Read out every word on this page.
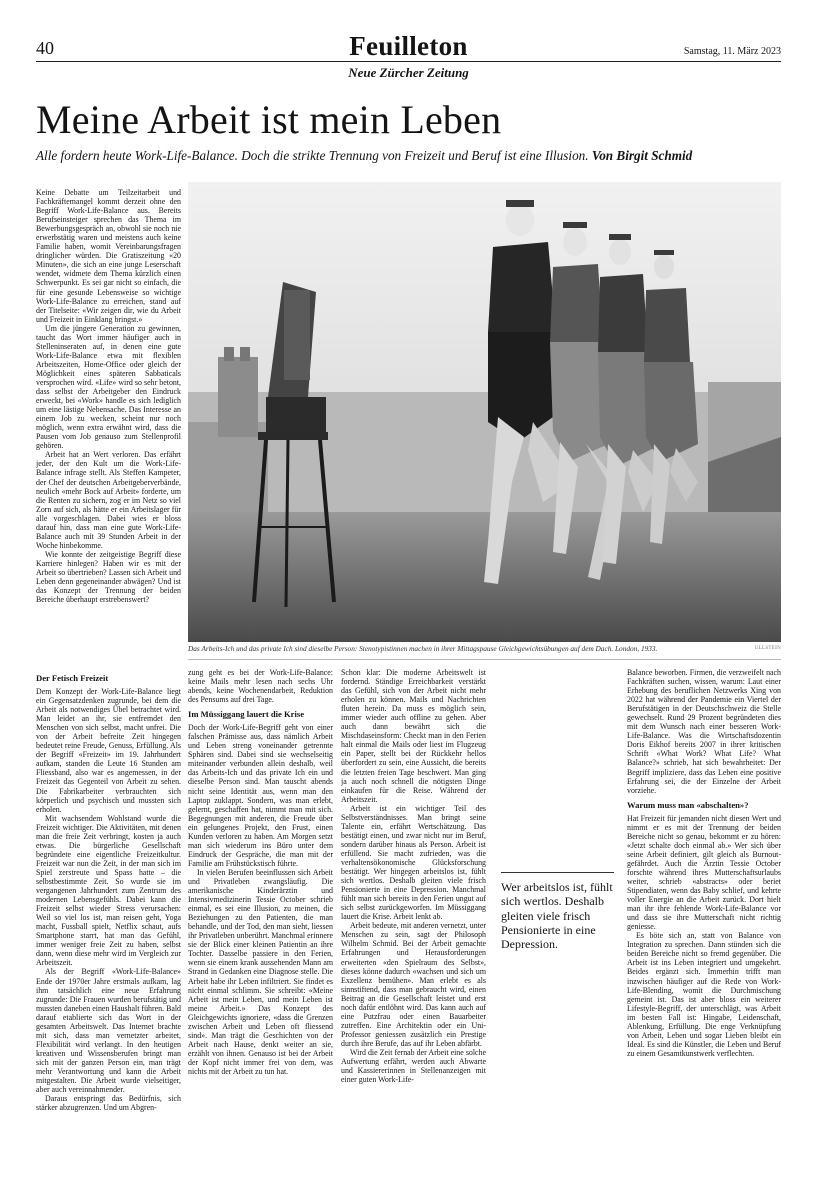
40	Feuilleton
Neue Zürcher Zeitung
Samstag, 11. März 2023
Meine Arbeit ist mein Leben
Alle fordern heute Work-Life-Balance. Doch die strikte Trennung von Freizeit und Beruf ist eine Illusion. Von Birgit Schmid

Keine Debatte um Teilzeitarbeit und Fachkräftemangel kommt derzeit ohne den Begriff Work-Life-Balance aus. Bereits Berufseinsteiger sprechen das Thema im Bewerbungsgespräch an, obwohl sie noch nie erwerbstätig waren und meistens auch keine Familie haben, womit Vereinbarungsfragen dringlicher würden. Die Gratiszeitung «20 Minuten», die sich an eine junge Leserschaft wendet, widmete dem Thema kürzlich einen Schwerpunkt. Es sei gar nicht so einfach, die für eine gesunde Lebensweise so wichtige Work-Life-Balance zu erreichen, stand auf der Titelseite: «Wir zeigen dir, wie du Arbeit und Freizeit in Einklang bringst.»

Um die jüngere Generation zu gewinnen, taucht das Wort immer häufiger auch in Stelleninseraten auf, in denen eine gute Work-Life-Balance etwa mit flexiblen Arbeitszeiten, Home-Office oder gleich der Möglichkeit eines späteren Sabbaticals versprochen wird. «Life» wird so sehr betont, dass selbst der Arbeitgeber den Eindruck erweckt, bei «Work» handle es sich lediglich um eine lästige Nebensache. Das Interesse an einem Job zu wecken, scheint nur noch möglich, wenn extra erwähnt wird, dass die Pausen vom Job genauso zum Stellenprofil gehören.

Arbeit hat an Wert verloren. Das erfährt jeder, der den Kult um die Work-Life-Balance infrage stellt. Als Steffen Kampeter, der Chef der deutschen Arbeitgeberverbände, neulich «mehr Bock auf Arbeit» forderte, um die Renten zu sichern, zog er im Netz so viel Zorn auf sich, als hätte er ein Arbeitslager für alle vorgeschlagen. Dabei wies er bloss darauf hin, dass man eine gute Work-Life-Balance auch mit 39 Stunden Arbeit in der Woche hinbekomme.

Wie konnte der zeitgeistige Begriff diese Karriere hinlegen? Haben wir es mit der Arbeit so übertrieben? Lassen sich Arbeit und Leben denn gegeneinander abwägen? Und ist das Konzept der Trennung der beiden Bereiche überhaupt erstrebenswert?

Der Fetisch Freizeit

Dem Konzept der Work-Life-Balance liegt ein Gegensatzdenken zugrunde, bei dem die Arbeit als notwendiges Übel betrachtet wird. Man leidet an ihr, sie entfremdet den Menschen von sich selbst, macht unfrei. Die von der Arbeit befreite Zeit hingegen bedeutet reine Freude, Genuss, Erfüllung. Als der Begriff «Freizeit» im 19. Jahrhundert aufkam, standen die Leute 16 Stunden am Fliessband, also war es angemessen, in der Freizeit das Gegenteil von Arbeit zu sehen. Die Fabrikarbeiter verbrauchten sich körperlich und psychisch und mussten sich erholen.

Mit wachsendem Wohlstand wurde die Freizeit wichtiger. Die Aktivitäten, mit denen man die freie Zeit verbringt, kosten ja auch etwas. Die bürgerliche Gesellschaft begründete eine eigentliche Freizeitkultur. Freizeit war nun die Zeit, in der man sich im Spiel zerstreute und Spass hatte – die selbstbestimmte Zeit. So wurde sie im vergangenen Jahrhundert zum Zentrum des modernen Lebensgefühls. Dabei kann die Freizeit selbst wieder Stress verursachen: Weil so viel los ist, man reisen geht, Yoga macht, Fussball spielt, Netflix schaut, aufs Smartphone starrt, hat man das Gefühl, immer weniger freie Zeit zu haben, selbst dann, wenn diese mehr wird im Vergleich zur Arbeitszeit.

Als der Begriff «Work-Life-Balance» Ende der 1970er Jahre erstmals aufkam, lag ihm tatsächlich eine neue Erfahrung zugrunde: Die Frauen wurden berufstätig und mussten daneben einen Haushalt führen. Bald darauf etablierte sich das Wort in der gesamten Arbeitswelt. Das Internet brachte mit sich, dass man vernetzter arbeitet, Flexibilität wird verlangt. In den heutigen kreativen und Wissensberufen bringt man sich mit der ganzen Person ein, man trägt mehr Verantwortung und kann die Arbeit mitgestalten. Die Arbeit wurde vielseitiger, aber auch vereinnahmender.

Daraus entspringt das Bedürfnis, sich stärker abzugrenzen. Und um Abgren-

Das Arbeits-Ich und das private Ich sind dieselbe Person: Stenotypistinnen machen in ihrer Mittagspause Gleichgewichtsübungen auf dem Dach. London, 1933.	ULLSTEIN

zung geht es bei der Work-Life-Balance: keine Mails mehr lesen nach sechs Uhr abends, keine Wochenendarbeit, Reduktion des Pensums auf drei Tage.

Im Müssiggang lauert die Krise

Doch der Work-Life-Begriff geht von einer falschen Prämisse aus, dass nämlich Arbeit und Leben streng voneinander getrennte Sphären sind. Dabei sind sie wechselseitig miteinander verbunden allein deshalb, weil das Arbeits-Ich und das private Ich ein und dieselbe Person sind. Man tauscht abends nicht seine Identität aus, wenn man den Laptop zuklappt. Sondern, was man erlebt, gelernt, geschaffen hat, nimmt man mit sich. Begegnungen mit anderen, die Freude über ein gelungenes Projekt, den Frust, einen Kunden verloren zu haben. Am Morgen setzt man sich wiederum ins Büro unter dem Eindruck der Gespräche, die man mit der Familie am Frühstückstisch führte.

In vielen Berufen beeinflussen sich Arbeit und Privatleben zwangsläufig. Die amerikanische Kinderärztin und Intensivmedizinerin Tessie October schrieb einmal, es sei eine Illusion, zu meinen, die Beziehungen zu den Patienten, die man behandle, und der Tod, den man sieht, liessen ihr Privatleben unberührt. Manchmal erinnere sie der Blick einer kleinen Patientin an ihre Tochter. Dasselbe passiere in den Ferien, wenn sie einem krank aussehenden Mann am Strand in Gedanken eine Diagnose stelle. Die Arbeit habe ihr Leben infiltriert. Sie findet es nicht einmal schlimm. Sie schreibt: «Meine Arbeit ist mein Leben, und mein Leben ist meine Arbeit.» Das Konzept des Gleichgewichts ignoriere, «dass die Grenzen zwischen Arbeit und Leben oft fliessend sind». Man trägt die Geschichten von der Arbeit nach Hause, denkt weiter an sie, erzählt von ihnen. Genauso ist bei der Arbeit der Kopf nicht immer frei von dem, was nichts mit der Arbeit zu tun hat.

Schon klar: Die moderne Arbeitswelt ist fordernd. Ständige Erreichbarkeit verstärkt das Gefühl, sich von der Arbeit nicht mehr erholen zu können. Mails und Nachrichten fluten herein. Da muss es möglich sein, immer wieder auch offline zu gehen. Aber auch dann bewährt sich die Mischdaseinsform: Checkt man in den Ferien halt einmal die Mails oder liest im Flugzeug ein Paper, stellt bei der Rückkehr hellos überfordert zu sein, eine Aussicht, die bereits die letzten freien Tage beschwert. Man ging ja auch noch schnell die nötigsten Dinge einkaufen für die Reise. Während der Arbeitszeit.

Arbeit ist ein wichtiger Teil des Selbstverständnisses. Man bringt seine Talente ein, erfährt Wertschätzung. Das bestätigt einen, und zwar nicht nur im Beruf, sondern darüber hinaus als Person. Arbeit ist erfüllend. Sie macht zufrieden, was die verhaltensökonomische Glücksforschung bestätigt. Wer hingegen arbeitslos ist, fühlt sich wertlos. Deshalb gleiten viele frisch Pensionierte in eine Depression. Manchmal fühlt man sich bereits in den Ferien ungut auf sich selbst zurückgeworfen. Im Müssiggang lauert die Krise. Arbeit lenkt ab.

Arbeit bedeute, mit anderen vernetzt, unter Menschen zu sein, sagt der Philosoph Wilhelm Schmid. Bei der Arbeit gemachte Erfahrungen und Herausforderungen erweiterten «den Spielraum des Selbst», dieses könne dadurch «wachsen und sich um Exzellenz bemühen». Man erlebt es als sinnstiftend, dass man gebraucht wird, einen Beitrag an die Gesellschaft leistet und erst noch dafür entlöhnt wird. Das kann auch auf eine Putzfrau oder einen Bauarbeiter zutreffen. Eine Architektin oder ein Uni-Professor geniessen zusätzlich ein Prestige durch ihre Berufe, das auf ihr Leben abfärbt.

Wird die Zeit fernab der Arbeit eine solche Aufwertung erfährt, werden auch Abwarte und Kassiererinnen in Stellenanzeigen mit einer guten Work-Life-

Wer arbeitslos ist, fühlt sich wertlos. Deshalb gleiten viele frisch Pensionierte in eine Depression.

Balance beworben. Firmen, die verzweifelt nach Fachkräften suchen, wissen, warum: Laut einer Erhebung des beruflichen Netzwerks Xing von 2022 hat während der Pandemie ein Viertel der Berufstätigen in der Deutschschweiz die Stelle gewechselt. Rund 29 Prozent begründeten dies mit dem Wunsch nach einer besseren Work-Life-Balance. Was die Wirtschaftsdozentin Doris Eikhof bereits 2007 in ihrer kritischen Schrift «What Work? What Life? What Balance?» schrieb, hat sich bewahrheitet: Der Begriff impliziere, dass das Leben eine positive Erfahrung sei, die der Einzelne der Arbeit vorziehe.

Warum muss man «abschalten»?

Hat Freizeit für jemanden nicht diesen Wert und nimmt er es mit der Trennung der beiden Bereiche nicht so genau, bekommt er zu hören: «Jetzt schalte doch einmal ab.» Wer sich über seine Arbeit definiert, gilt gleich als Burnout-gefährdet. Auch die Ärztin Tessie October forschte während ihres Mutterschaftsurlaubs weiter, schrieb «abstracts» oder beriet Stipendiaten, wenn das Baby schlief, und kehrte voller Energie an die Arbeit zurück. Dort hielt man ihr ihre fehlende Work-Life-Balance vor und dass sie ihre Mutterschaft nicht richtig geniesse.

Es böte sich an, statt von Balance von Integration zu sprechen. Dann stünden sich die beiden Bereiche nicht so fremd gegenüber. Die Arbeit ist ins Leben integriert und umgekehrt. Beides ergänzt sich. Immerhin trifft man inzwischen häufiger auf die Rede von Work-Life-Blending, womit die Durchmischung gemeint ist. Das ist aber bloss ein weiterer Lifestyle-Begriff, der unterschlägt, was Arbeit im besten Fall ist: Hingabe, Leidenschaft, Ablenkung, Erfüllung. Die enge Verknüpfung von Arbeit, Leben und sogar Lieben bleibt ein Ideal. Es sind die Künstler, die Leben und Beruf zu einem Gesamtkunstwerk verflechten.
